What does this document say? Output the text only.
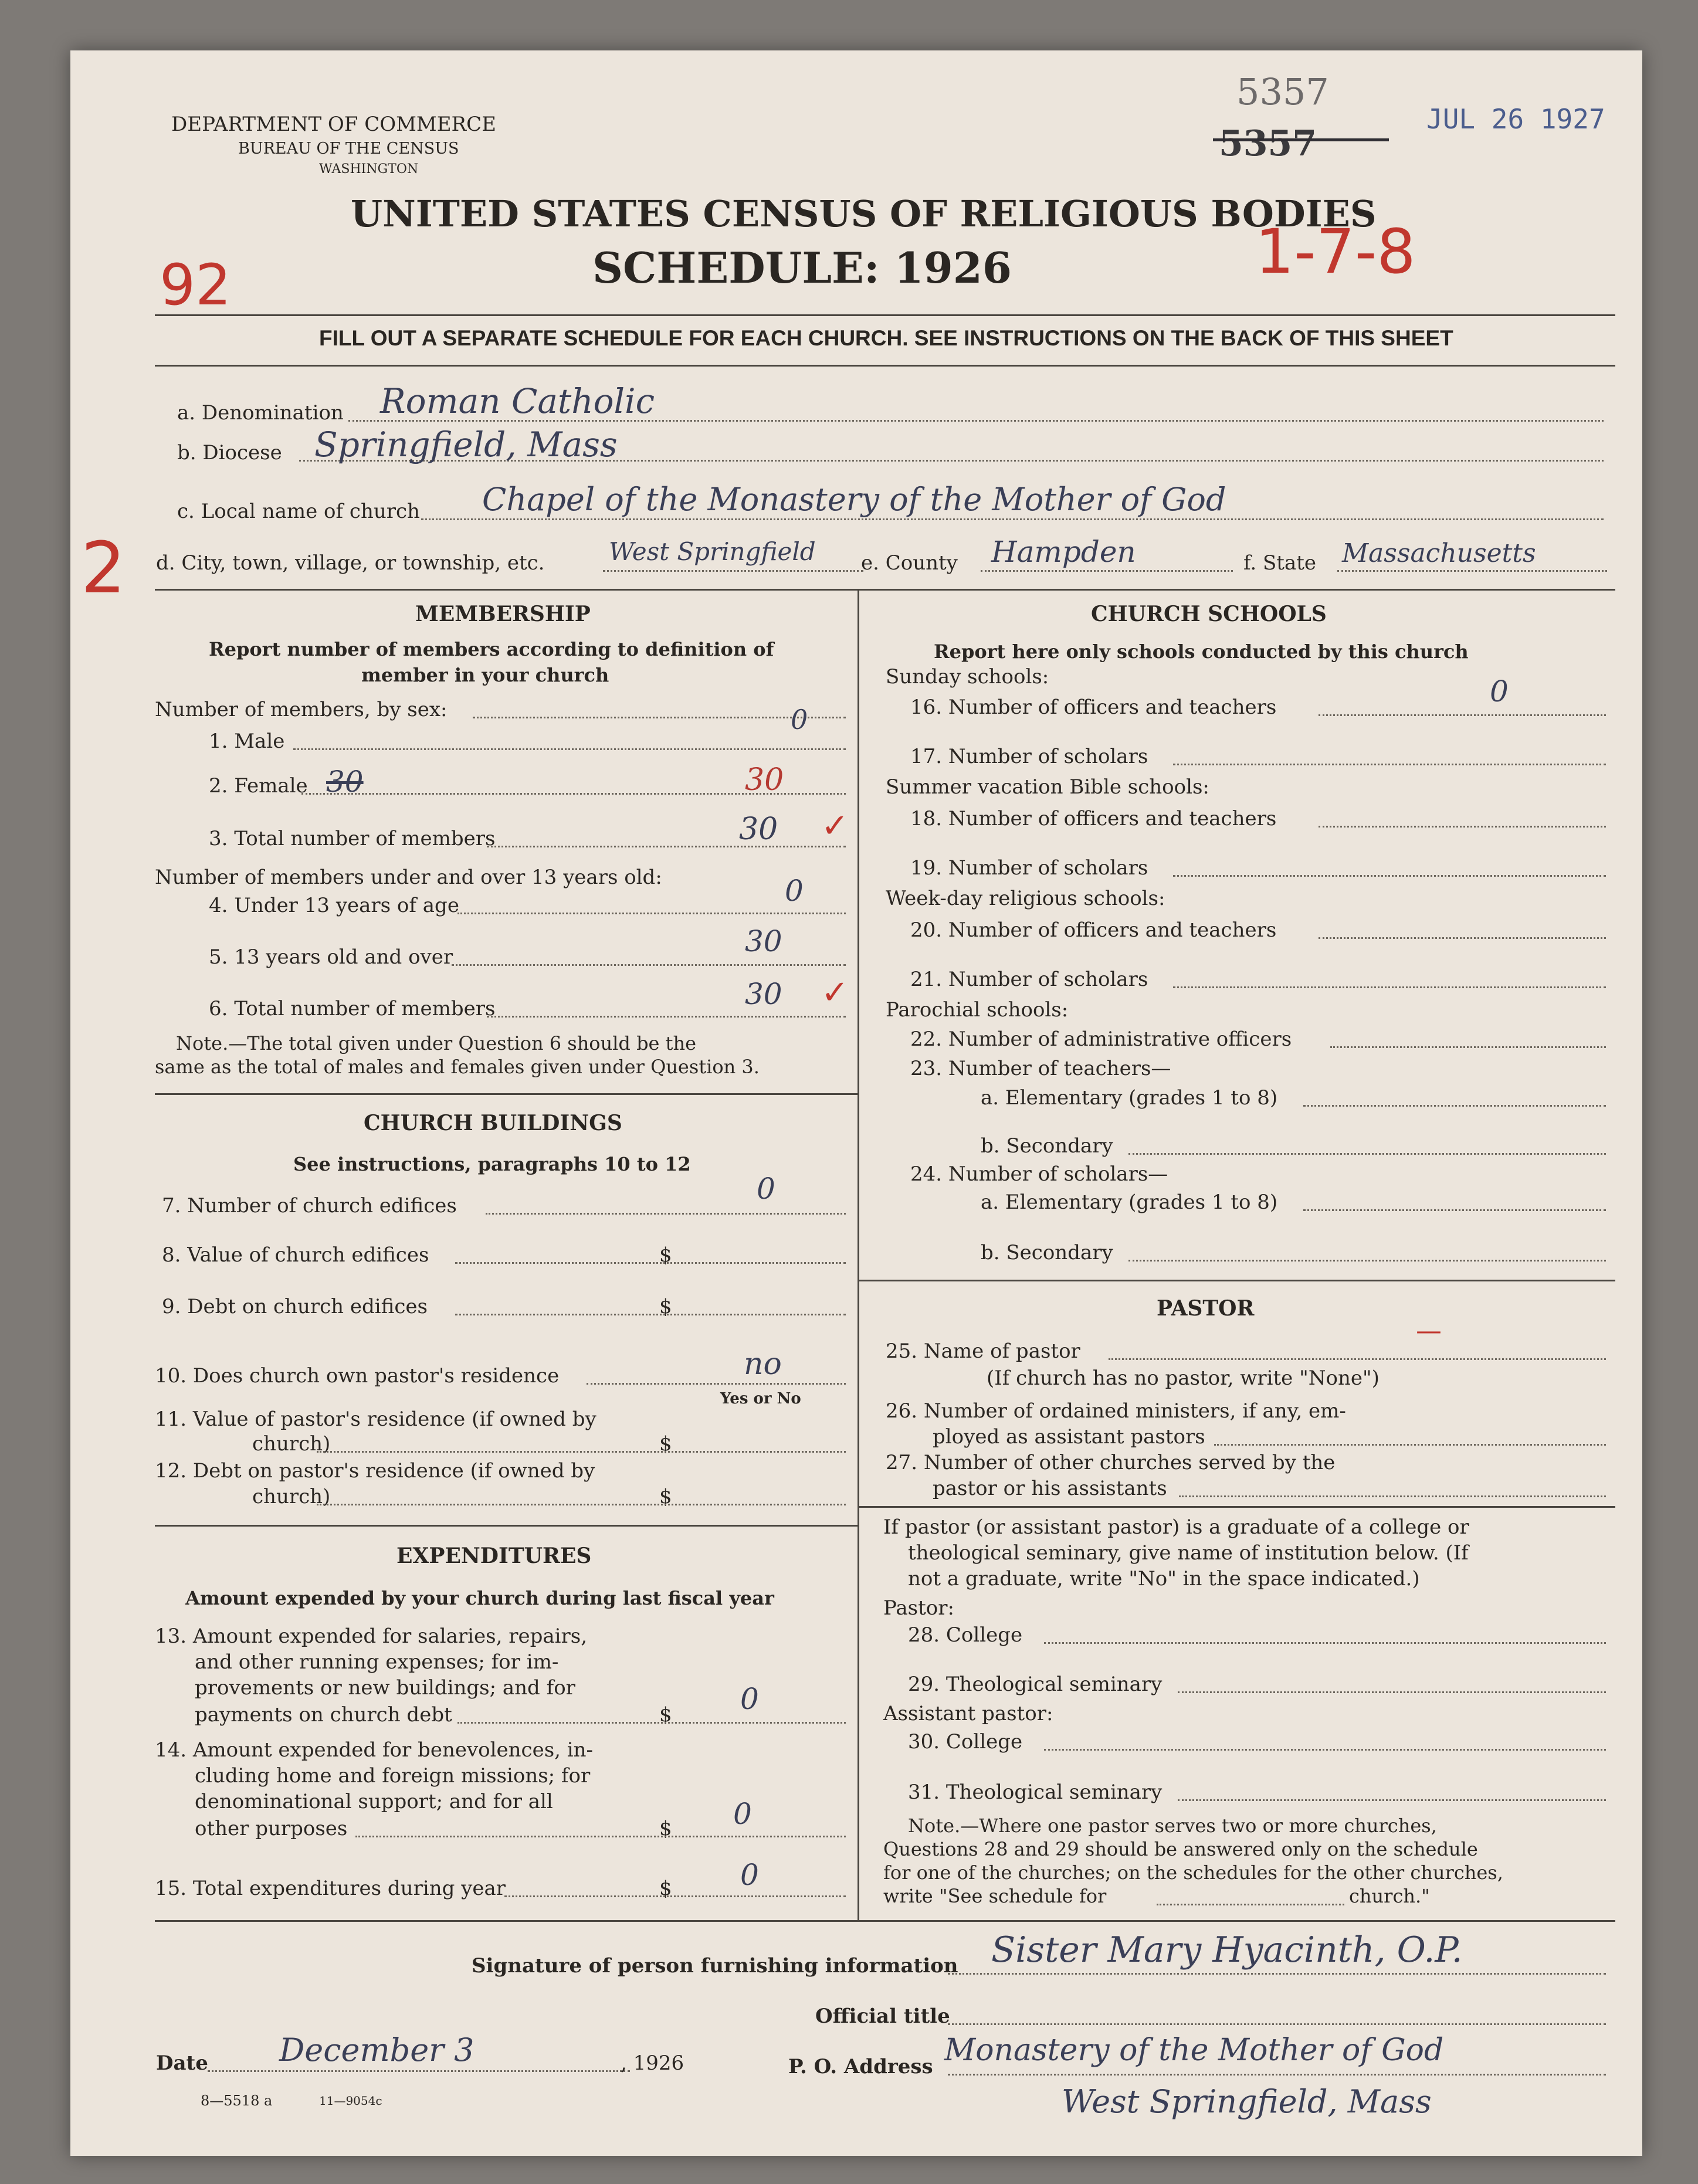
DEPARTMENT OF COMMERCE
BUREAU OF THE CENSUS
WASHINGTON
5357
5357
JUL 26 1927
UNITED STATES CENSUS OF RELIGIOUS BODIES
SCHEDULE: 1926
92	1-7-8
FILL OUT A SEPARATE SCHEDULE FOR EACH CHURCH. SEE INSTRUCTIONS ON THE BACK OF THIS SHEET
a. Denomination Roman Catholic
b. Diocese Springfield, Mass
c. Local name of church Chapel of the Monastery of the Mother of God
2 d. City, town, village, or township, etc.	West Springfield e. County Hampden	f. State Massachusetts
MEMBERSHIP
Report number of members according to definition of
member in your church
Number of members, by sex:
1. Male
0
2. Female 30	30
3. Total number of members	30 ✓
Number of members under and over 13 years old:
4. Under 13 years of age	0
5. 13 years old and over	30
6. Total number of members	30 ✓
Note.—The total given under Question 6 should be the
same as the total of males and females given under Question 3.
CHURCH BUILDINGS
See instructions, paragraphs 10 to 12
7. Number of church edifices	0
8. Value of church edifices	$
9. Debt on church edifices	$
10. Does church own pastor's residence	no
Yes or No
11. Value of pastor's residence (if owned by
church)	$
12. Debt on pastor's residence (if owned by
church)	$
EXPENDITURES
Amount expended by your church during last fiscal year
13. Amount expended for salaries, repairs,
and other running expenses; for im-
provements or new buildings; and for
payments on church debt	$ 0
14. Amount expended for benevolences, in-
cluding home and foreign missions; for
denominational support; and for all
other purposes	$ 0
15. Total expenditures during year	$ 0
CHURCH SCHOOLS
Report here only schools conducted by this church
Sunday schools:
16. Number of officers and teachers	0
17. Number of scholars
Summer vacation Bible schools:
18. Number of officers and teachers
19. Number of scholars
Week-day religious schools:
20. Number of officers and teachers
21. Number of scholars
Parochial schools:
22. Number of administrative officers
23. Number of teachers—
a. Elementary (grades 1 to 8)
b. Secondary
24. Number of scholars—
a. Elementary (grades 1 to 8)
b. Secondary
PASTOR
25. Name of pastor
—
(If church has no pastor, write "None")
26. Number of ordained ministers, if any, em-
ployed as assistant pastors
27. Number of other churches served by the
pastor or his assistants
If pastor (or assistant pastor) is a graduate of a college or
theological seminary, give name of institution below. (If
not a graduate, write "No" in the space indicated.)
Pastor:
28. College
29. Theological seminary
Assistant pastor:
30. College
31. Theological seminary
Note.—Where one pastor serves two or more churches,
Questions 28 and 29 should be answered only on the schedule
for one of the churches; on the schedules for the other churches,
write "See schedule for	church."
Signature of person furnishing information Sister Mary Hyacinth, O.P.
Official title
Date December 3	, 1926	P. O. Address Monastery of the Mother of God
West Springfield, Mass
8—5518 a	11—9054c
